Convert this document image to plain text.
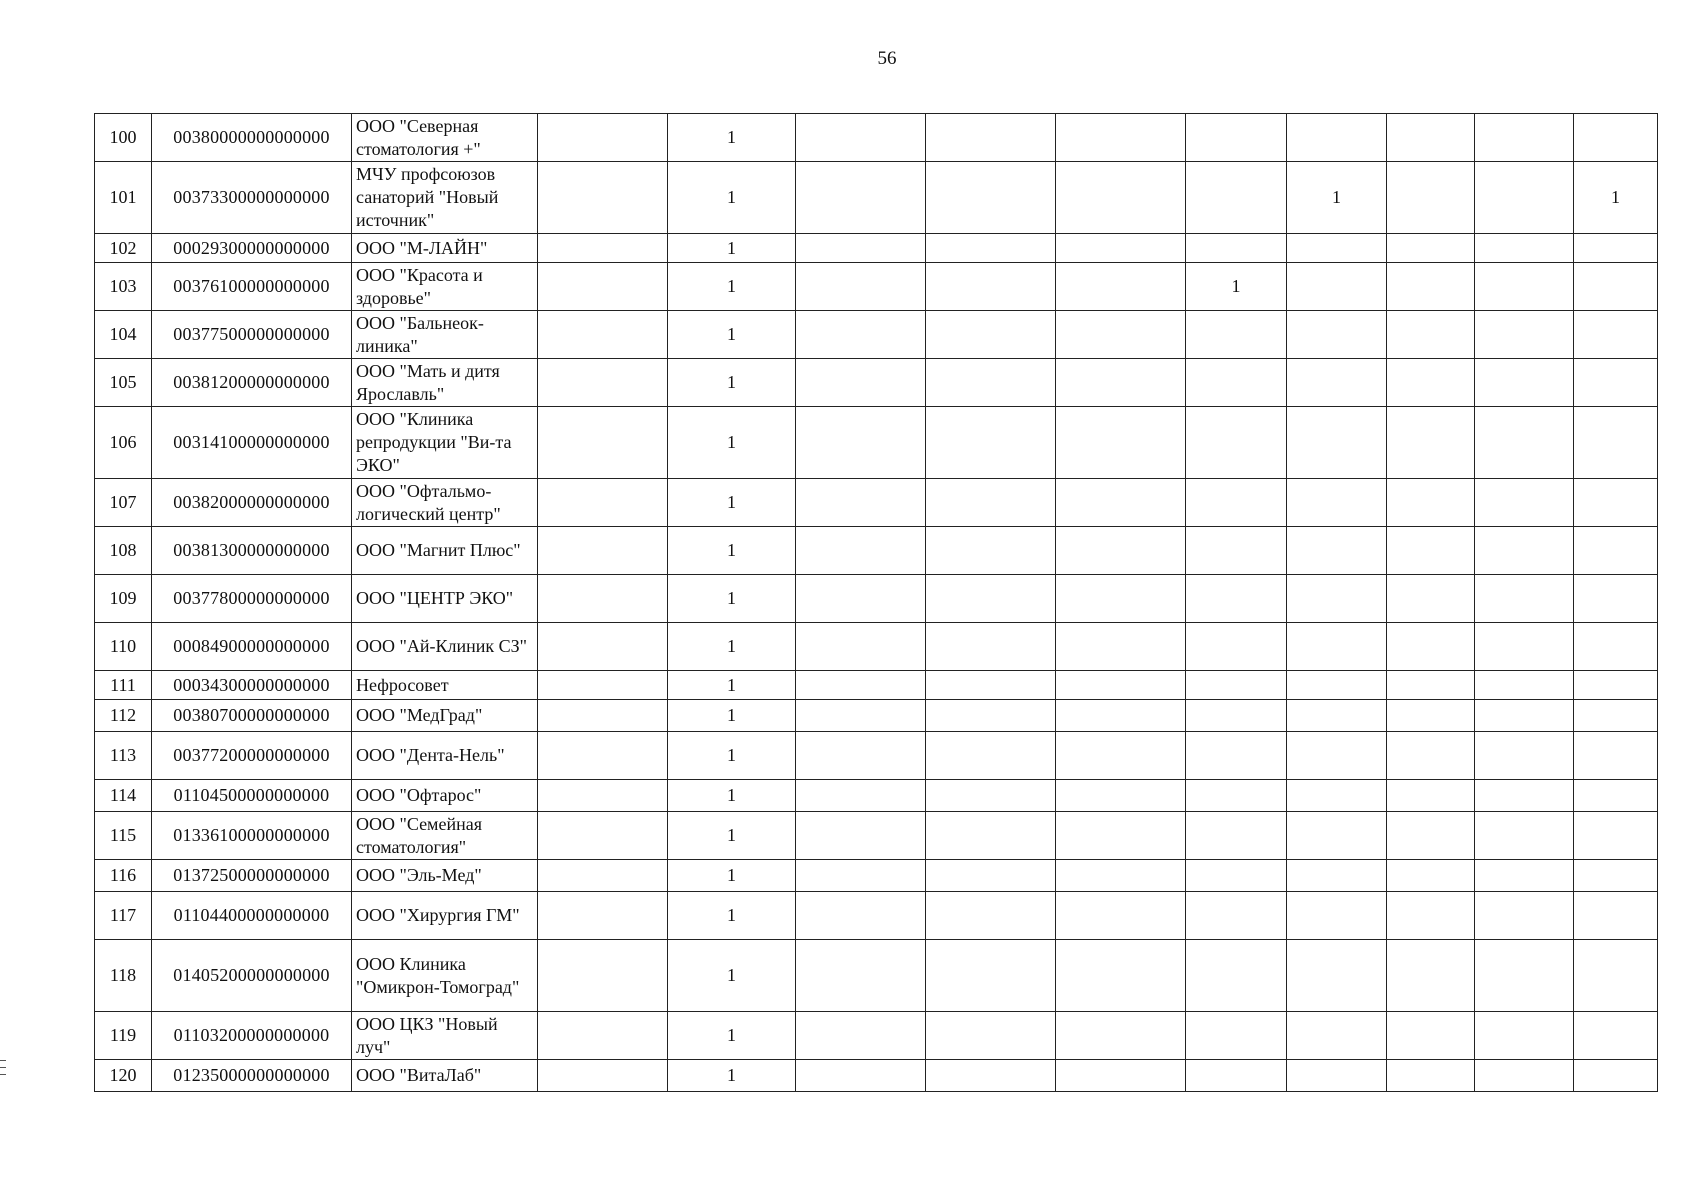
56
100	00380000000000000	ООО "Северная стоматология +"		1								
101	00373300000000000	МЧУ профсоюзов санаторий "Новый источник"		1					1			1
102	00029300000000000	ООО "М-ЛАЙН"		1								
103	00376100000000000	ООО "Красота и здоровье"		1				1				
104	00377500000000000	ООО "Бальнеок-линика"		1								
105	00381200000000000	ООО "Мать и дитя Ярославль"		1								
106	00314100000000000	ООО "Клиника репродукции "Ви-та ЭКО"		1								
107	00382000000000000	ООО "Офтальмо-логический центр"		1								
108	00381300000000000	ООО "Магнит Плюс"		1								
109	00377800000000000	ООО "ЦЕНТР ЭКО"		1								
110	00084900000000000	ООО "Ай-Клиник СЗ"		1								
111	00034300000000000	Нефросовет		1								
112	00380700000000000	ООО "МедГрад"		1								
113	00377200000000000	ООО "Дента-Нель"		1								
114	01104500000000000	ООО "Офтарос"		1								
115	01336100000000000	ООО "Семейная стоматология"		1								
116	01372500000000000	ООО "Эль-Мед"		1								
117	01104400000000000	ООО "Хирургия ГМ"		1								
118	01405200000000000	ООО Клиника "Омикрон-Томоград"		1								
119	01103200000000000	ООО ЦКЗ "Новый луч"		1								
120	01235000000000000	ООО "ВитаЛаб"		1								
